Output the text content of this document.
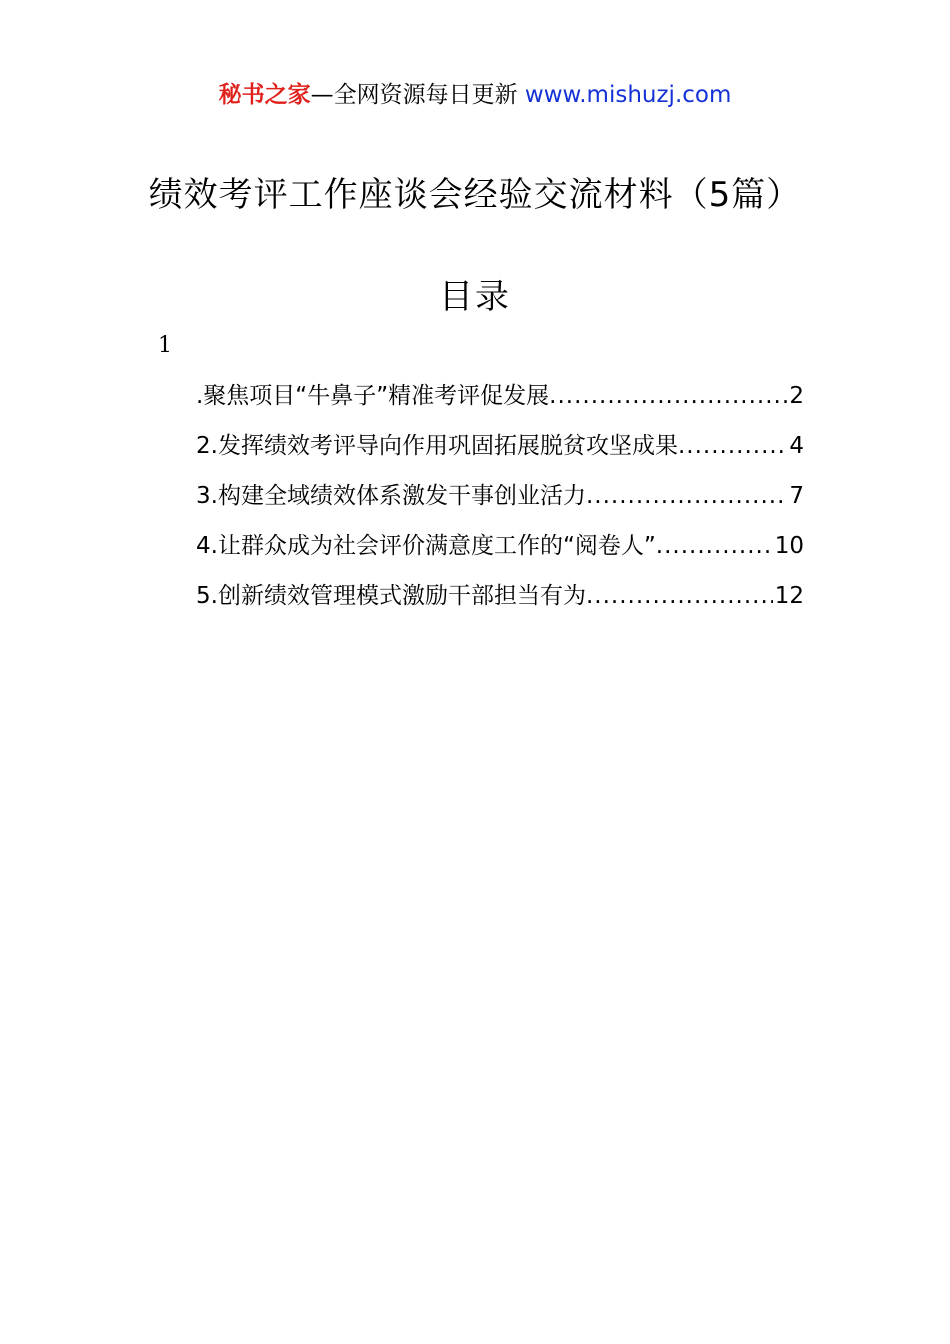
秘书之家—全网资源每日更新 www.mishuzj.com
绩效考评工作座谈会经验交流材料（5篇）
目录
1
.聚焦项目“牛鼻子”精准考评促发展 .....	2
2.发挥绩效考评导向作用巩固拓展脱贫攻坚成果 .....	4
3.构建全域绩效体系激发干事创业活力 .....	7
4.让群众成为社会评价满意度工作的“阅卷人” .....	10
5.创新绩效管理模式激励干部担当有为 .....	12
